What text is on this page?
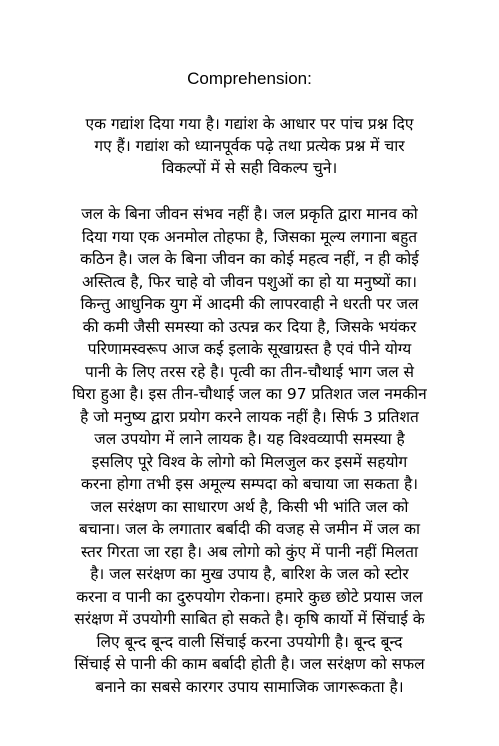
Comprehension:

एक गद्यांश दिया गया है। गद्यांश के आधार पर पांच प्रश्न दिए
गए हैं। गद्यांश को ध्यानपूर्वक पढ़े तथा प्रत्येक प्रश्न में चार
विकल्पों में से सही विकल्प चुने।

जल के बिना जीवन संभव नहीं है। जल प्रकृति द्वारा मानव को
दिया गया एक अनमोल तोहफा है, जिसका मूल्य लगाना बहुत
कठिन है। जल के बिना जीवन का कोई महत्व नहीं, न ही कोई
अस्तित्व है, फिर चाहे वो जीवन पशुओं का हो या मनुष्यों का।
किन्तु आधुनिक युग में आदमी की लापरवाही ने धरती पर जल
की कमी जैसी समस्या को उत्पन्न कर दिया है, जिसके भयंकर
परिणामस्वरूप आज कई इलाके सूखाग्रस्त है एवं पीने योग्य
पानी के लिए तरस रहे है। पृत्वी का तीन-चौथाई भाग जल से
घिरा हुआ है। इस तीन-चौथाई जल का 97 प्रतिशत जल नमकीन
है जो मनुष्य द्वारा प्रयोग करने लायक नहीं है। सिर्फ 3 प्रतिशत
जल उपयोग में लाने लायक है। यह विश्वव्यापी समस्या है
इसलिए पूरे विश्व के लोगो को मिलजुल कर इसमें सहयोग
करना होगा तभी इस अमूल्य सम्पदा को बचाया जा सकता है।
जल सरंक्षण का साधारण अर्थ है, किसी भी भांति जल को
बचाना। जल के लगातार बर्बादी की वजह से जमीन में जल का
स्तर गिरता जा रहा है। अब लोगो को कुंए में पानी नहीं मिलता
है। जल सरंक्षण का मुख उपाय है, बारिश के जल को स्टोर
करना व पानी का दुरुपयोग रोकना। हमारे कुछ छोटे प्रयास जल
सरंक्षण में उपयोगी साबित हो सकते है। कृषि कार्यो में सिंचाई के
लिए बून्द बून्द वाली सिंचाई करना उपयोगी है। बून्द बून्द
सिंचाई से पानी की काम बर्बादी होती है। जल सरंक्षण को सफल
बनाने का सबसे कारगर उपाय सामाजिक जागरूकता है।
